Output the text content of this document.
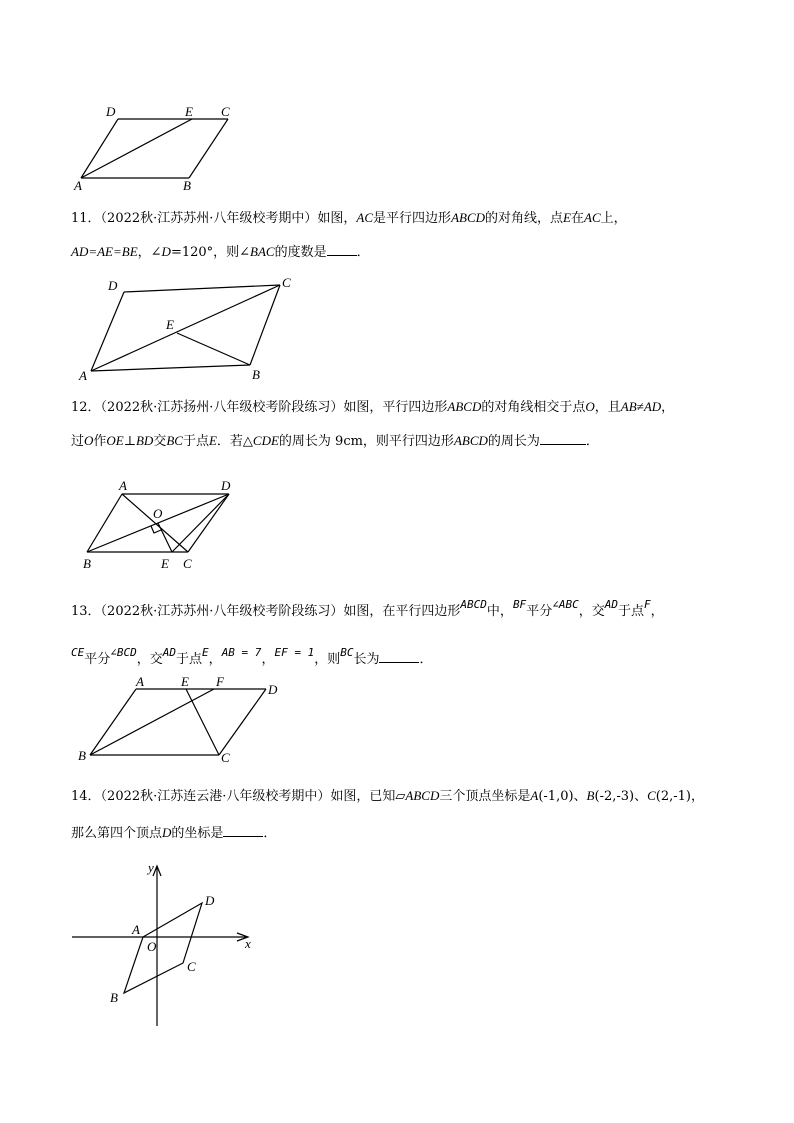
D	E C
A	B
11．（2022秋·江苏苏州·八年级校考期中）如图，AC是平行四边形ABCD的对角线，点E在AC上，
AD=AE=BE，∠D=120°，则∠BAC的度数是 ．
D	C
E
A	B
12．（2022秋·江苏扬州·八年级校考阶段练习）如图，平行四边形ABCD的对角线相交于点O，且AB≠AD，
过O作OE⊥BD交BC于点E．若△CDE的周长为 9cm，则平行四边形ABCD的周长为	．
A	D
O
B	E C
13．（2022秋·江苏苏州·八年级校考阶段练习）如图，在平行四边形$^{ABCD}$中，$^{BF}$平分$^{\angle ABC}$，交$^{AD}$于点$^F$，
$^{CE}$平分$^{\angle BCD}$，交$^{AD}$于点$^E$，$^{AB = 7}$，$^{EF = 1}$，则$^{BC}$长为	．
A	E F
D
B	C
14．（2022秋·江苏连云港·八年级校考期中）如图，已知▱ABCD三个顶点坐标是A(-1,0)、B(-2,-3)、C(2,-1)，
那么第四个顶点D的坐标是	．
y
x
A
O
D
C
B
